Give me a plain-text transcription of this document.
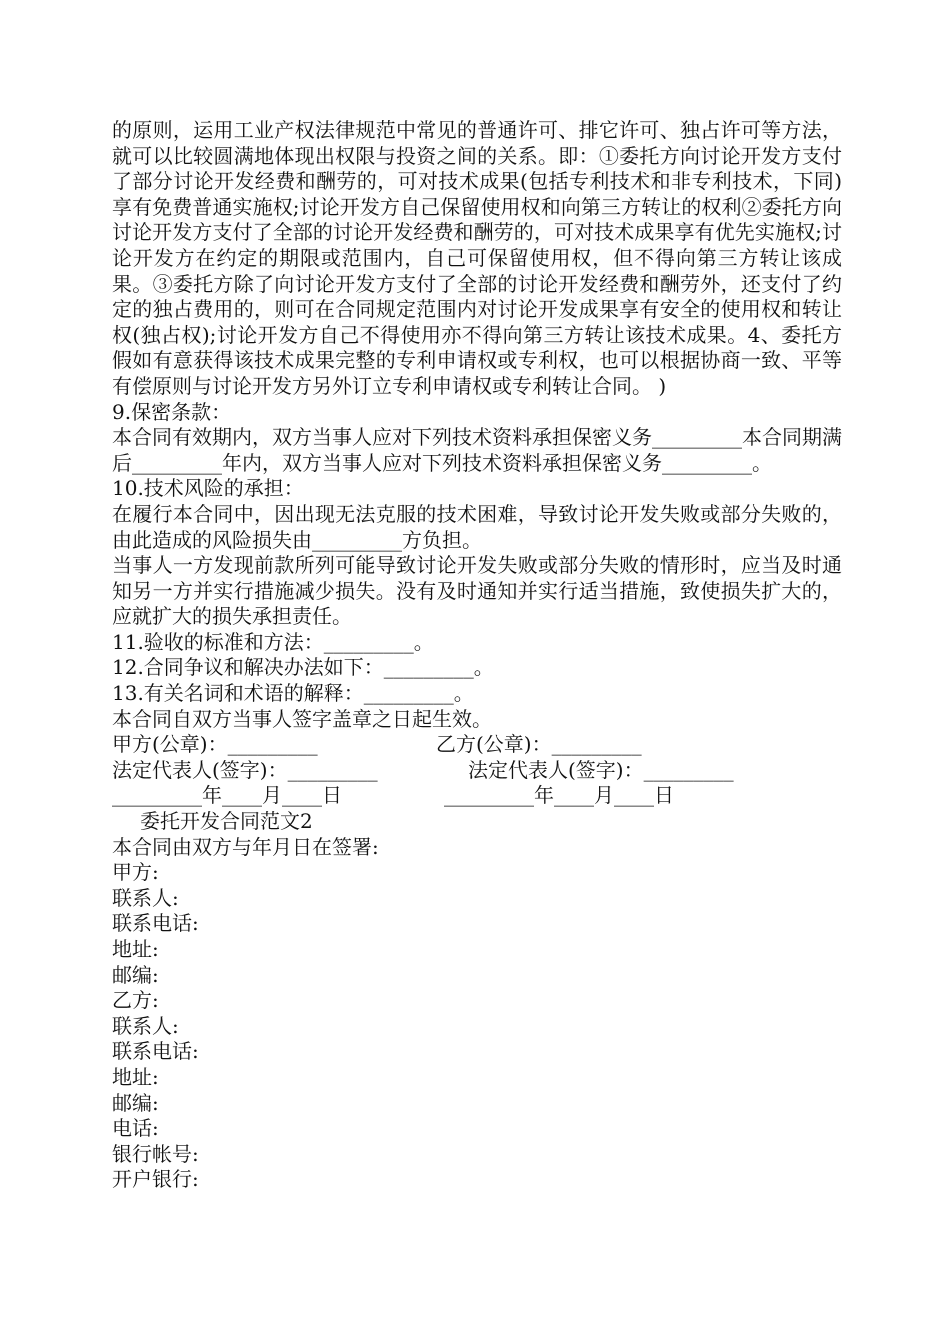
的原则，运用工业产权法律规范中常见的普通许可、排它许可、独占许可等方法，就可以比较圆满地体现出权限与投资之间的关系。即：①委托方向讨论开发方支付了部分讨论开发经费和酬劳的，可对技术成果(包括专利技术和非专利技术，下同)享有免费普通实施权;讨论开发方自己保留使用权和向第三方转让的权利②委托方向讨论开发方支付了全部的讨论开发经费和酬劳的，可对技术成果享有优先实施权;讨论开发方在约定的期限或范围内，自己可保留使用权，但不得向第三方转让该成果。③委托方除了向讨论开发方支付了全部的讨论开发经费和酬劳外，还支付了约定的独占费用的，则可在合同规定范围内对讨论开发成果享有安全的使用权和转让权(独占权);讨论开发方自己不得使用亦不得向第三方转让该技术成果。4、委托方假如有意获得该技术成果完整的专利申请权或专利权，也可以根据协商一致、平等有偿原则与讨论开发方另外订立专利申请权或专利转让合同。 )

9.保密条款：

本合同有效期内，双方当事人应对下列技术资料承担保密义务_________本合同期满后_________年内，双方当事人应对下列技术资料承担保密义务_________。

10.技术风险的承担：

在履行本合同中，因出现无法克服的技术困难，导致讨论开发失败或部分失败的，由此造成的风险损失由_________方负担。

当事人一方发现前款所列可能导致讨论开发失败或部分失败的情形时，应当及时通知另一方并实行措施减少损失。没有及时通知并实行适当措施，致使损失扩大的，应就扩大的损失承担责任。

11.验收的标准和方法：_________。

12.合同争议和解决办法如下：_________。

13.有关名词和术语的解释：_________。

本合同自双方当事人签字盖章之日起生效。

甲方(公章)：_________

	乙方(公章)：_________

法定代表人(签字)：_________

	法定代表人(签字)：_________

_________年____月____日

	_________年____月____日

委托开发合同范文2

本合同由双方与年月日在签署:

甲方:

联系人:

联系电话:

地址:

邮编:

乙方:

联系人:

联系电话:

地址:

邮编:

电话:

银行帐号:

开户银行:
